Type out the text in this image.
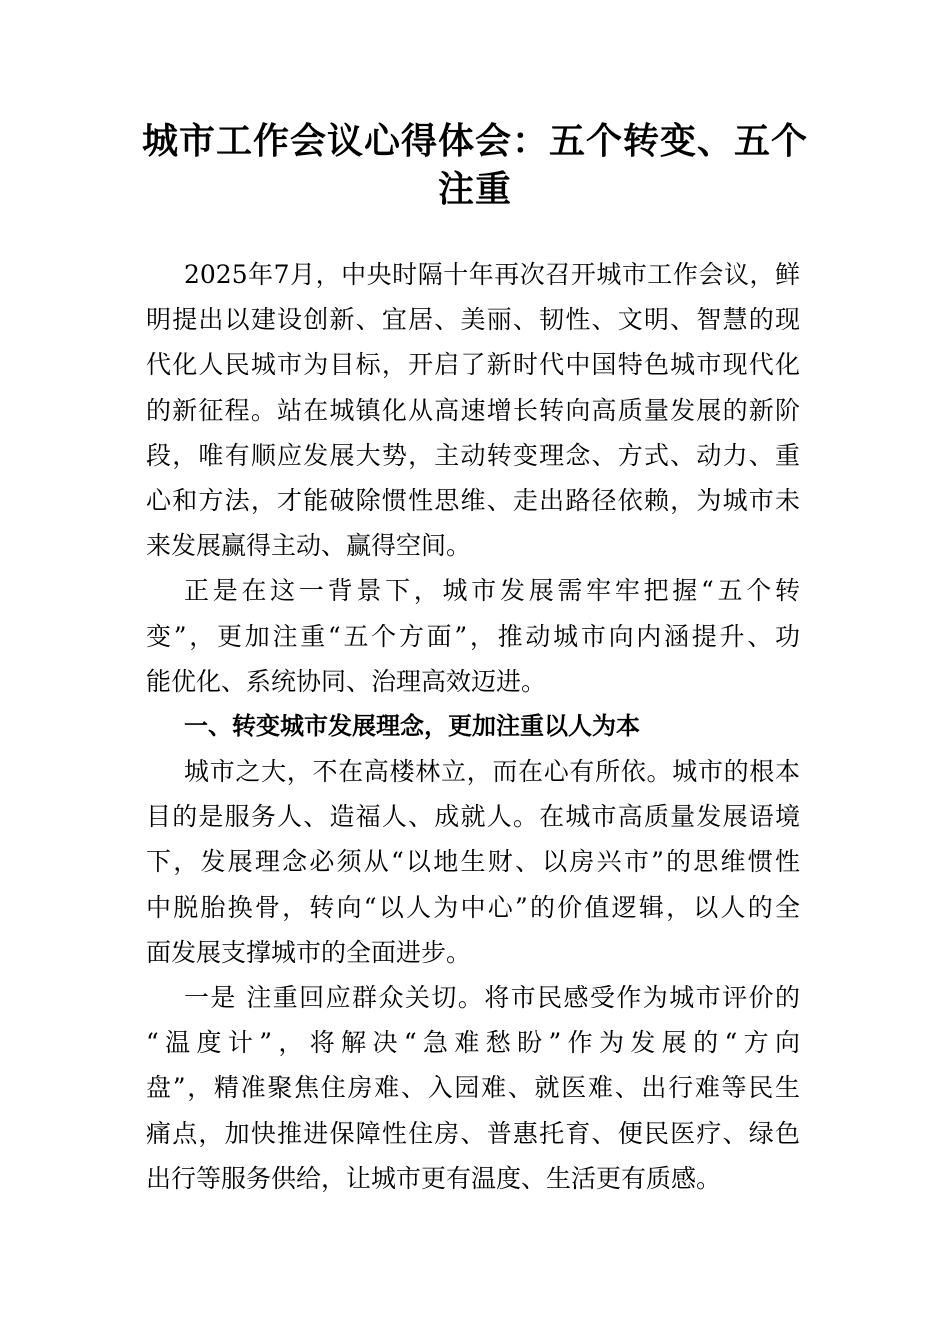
城市工作会议心得体会：五个转变、五个
注重
2025年7月，中央时隔十年再次召开城市工作会议，鲜
明提出以建设创新、宜居、美丽、韧性、文明、智慧的现
代化人民城市为目标，开启了新时代中国特色城市现代化
的新征程。站在城镇化从高速增长转向高质量发展的新阶
段，唯有顺应发展大势，主动转变理念、方式、动力、重
心和方法，才能破除惯性思维、走出路径依赖，为城市未
来发展赢得主动、赢得空间。
正是在这一背景下，城市发展需牢牢把握“五个转
变”，更加注重“五个方面”，推动城市向内涵提升、功
能优化、系统协同、治理高效迈进。
一、转变城市发展理念，更加注重以人为本
城市之大，不在高楼林立，而在心有所依。城市的根本
目的是服务人、造福人、成就人。在城市高质量发展语境
下，发展理念必须从“以地生财、以房兴市”的思维惯性
中脱胎换骨，转向“以人为中心”的价值逻辑，以人的全
面发展支撑城市的全面进步。
一是 注重回应群众关切。将市民感受作为城市评价的
“温度计”，将解决“急难愁盼”作为发展的“方向
盘”，精准聚焦住房难、入园难、就医难、出行难等民生
痛点，加快推进保障性住房、普惠托育、便民医疗、绿色
出行等服务供给，让城市更有温度、生活更有质感。
